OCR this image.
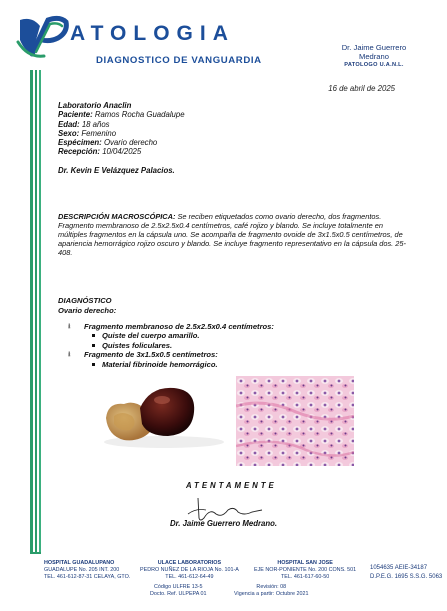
ATOLOGIA
DIAGNOSTICO DE VANGUARDIA
Dr. Jaime Guerrero
Medrano
PATOLOGO U.A.N.L.
16 de abril de 2025
Laboratorio Anaclin
Paciente: Ramos Rocha Guadalupe
Edad: 18 años
Sexo: Femenino
Espécimen: Ovario derecho
Recepción: 10/04/2025
Dr. Kevin E Velázquez Palacios.
DESCRIPCIÓN MACROSCÓPICA: Se reciben etiquetados como ovario derecho, dos fragmentos. Fragmento membranoso de 2.5x2.5x0.4 centímetros, café rojizo y blando. Se incluye totalmente en múltiples fragmentos en la cápsula uno. Se acompaña de fragmento ovoide de 3x1.5x0.5 centímetros, de apariencia hemorrágico rojizo oscuro y blando. Se incluye fragmento representativo en la cápsula dos. 25-408.
DIAGNÓSTICO
Ovario derecho:
⭳ Fragmento membranoso de 2.5x2.5x0.4 centímetros:
Quiste del cuerpo amarillo.
Quistes foliculares.
⭳ Fragmento de 3x1.5x0.5 centímetros:
Material fibrinoide hemorrágico.
ATENTAMENTE
Dr. Jaime Guerrero Medrano.
HOSPITAL GUADALUPANO
GUADALUPE No. 205 INT. 200
TEL. 461-612-87-31 CELAYA, GTO.
ULACE LABORATORIOS
PEDRO NUÑEZ DE LA RIOJA No. 101-A
TEL. 461-612-64-49
HOSPITAL SAN JOSE
EJE NOR-PONIENTE No. 200 CONS. 501
TEL. 461-617-60-50
1054635 AEIE-34187
D.P.E.G. 1695 S.S.G. 5063
Código ULFRE 13-5
Docto. Ref. ULPEPA 01
Revisión: 08
Vigencia a partir: Octubre 2021
